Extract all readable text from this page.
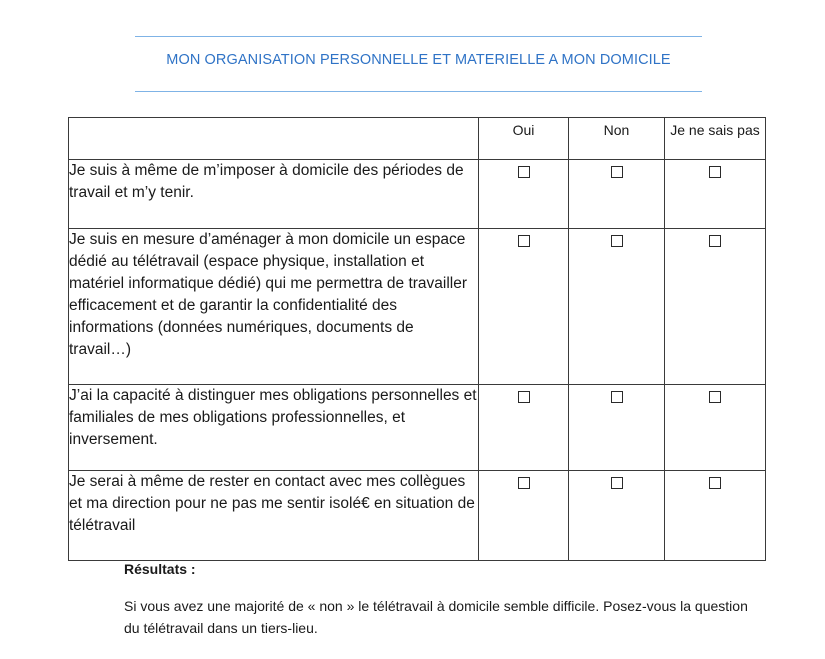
MON ORGANISATION PERSONNELLE ET MATERIELLE A MON DOMICILE
	Oui	Non	Je ne sais pas
Je suis à même de m’imposer à domicile des périodes de travail et m’y tenir.			
Je suis en mesure d’aménager à mon domicile un espace dédié au télétravail (espace physique, installation et matériel informatique dédié) qui me permettra de travailler efficacement et de garantir la confidentialité des informations (données numériques, documents de travail…)			
J’ai la capacité à distinguer mes obligations personnelles et familiales de mes obligations professionnelles, et inversement.			
Je serai à même de rester en contact avec mes collègues et ma direction pour ne pas me sentir isolé€ en situation de télétravail			
Résultats :
Si vous avez une majorité de « non » le télétravail à domicile semble difficile. Posez-vous la question du télétravail dans un tiers-lieu.
